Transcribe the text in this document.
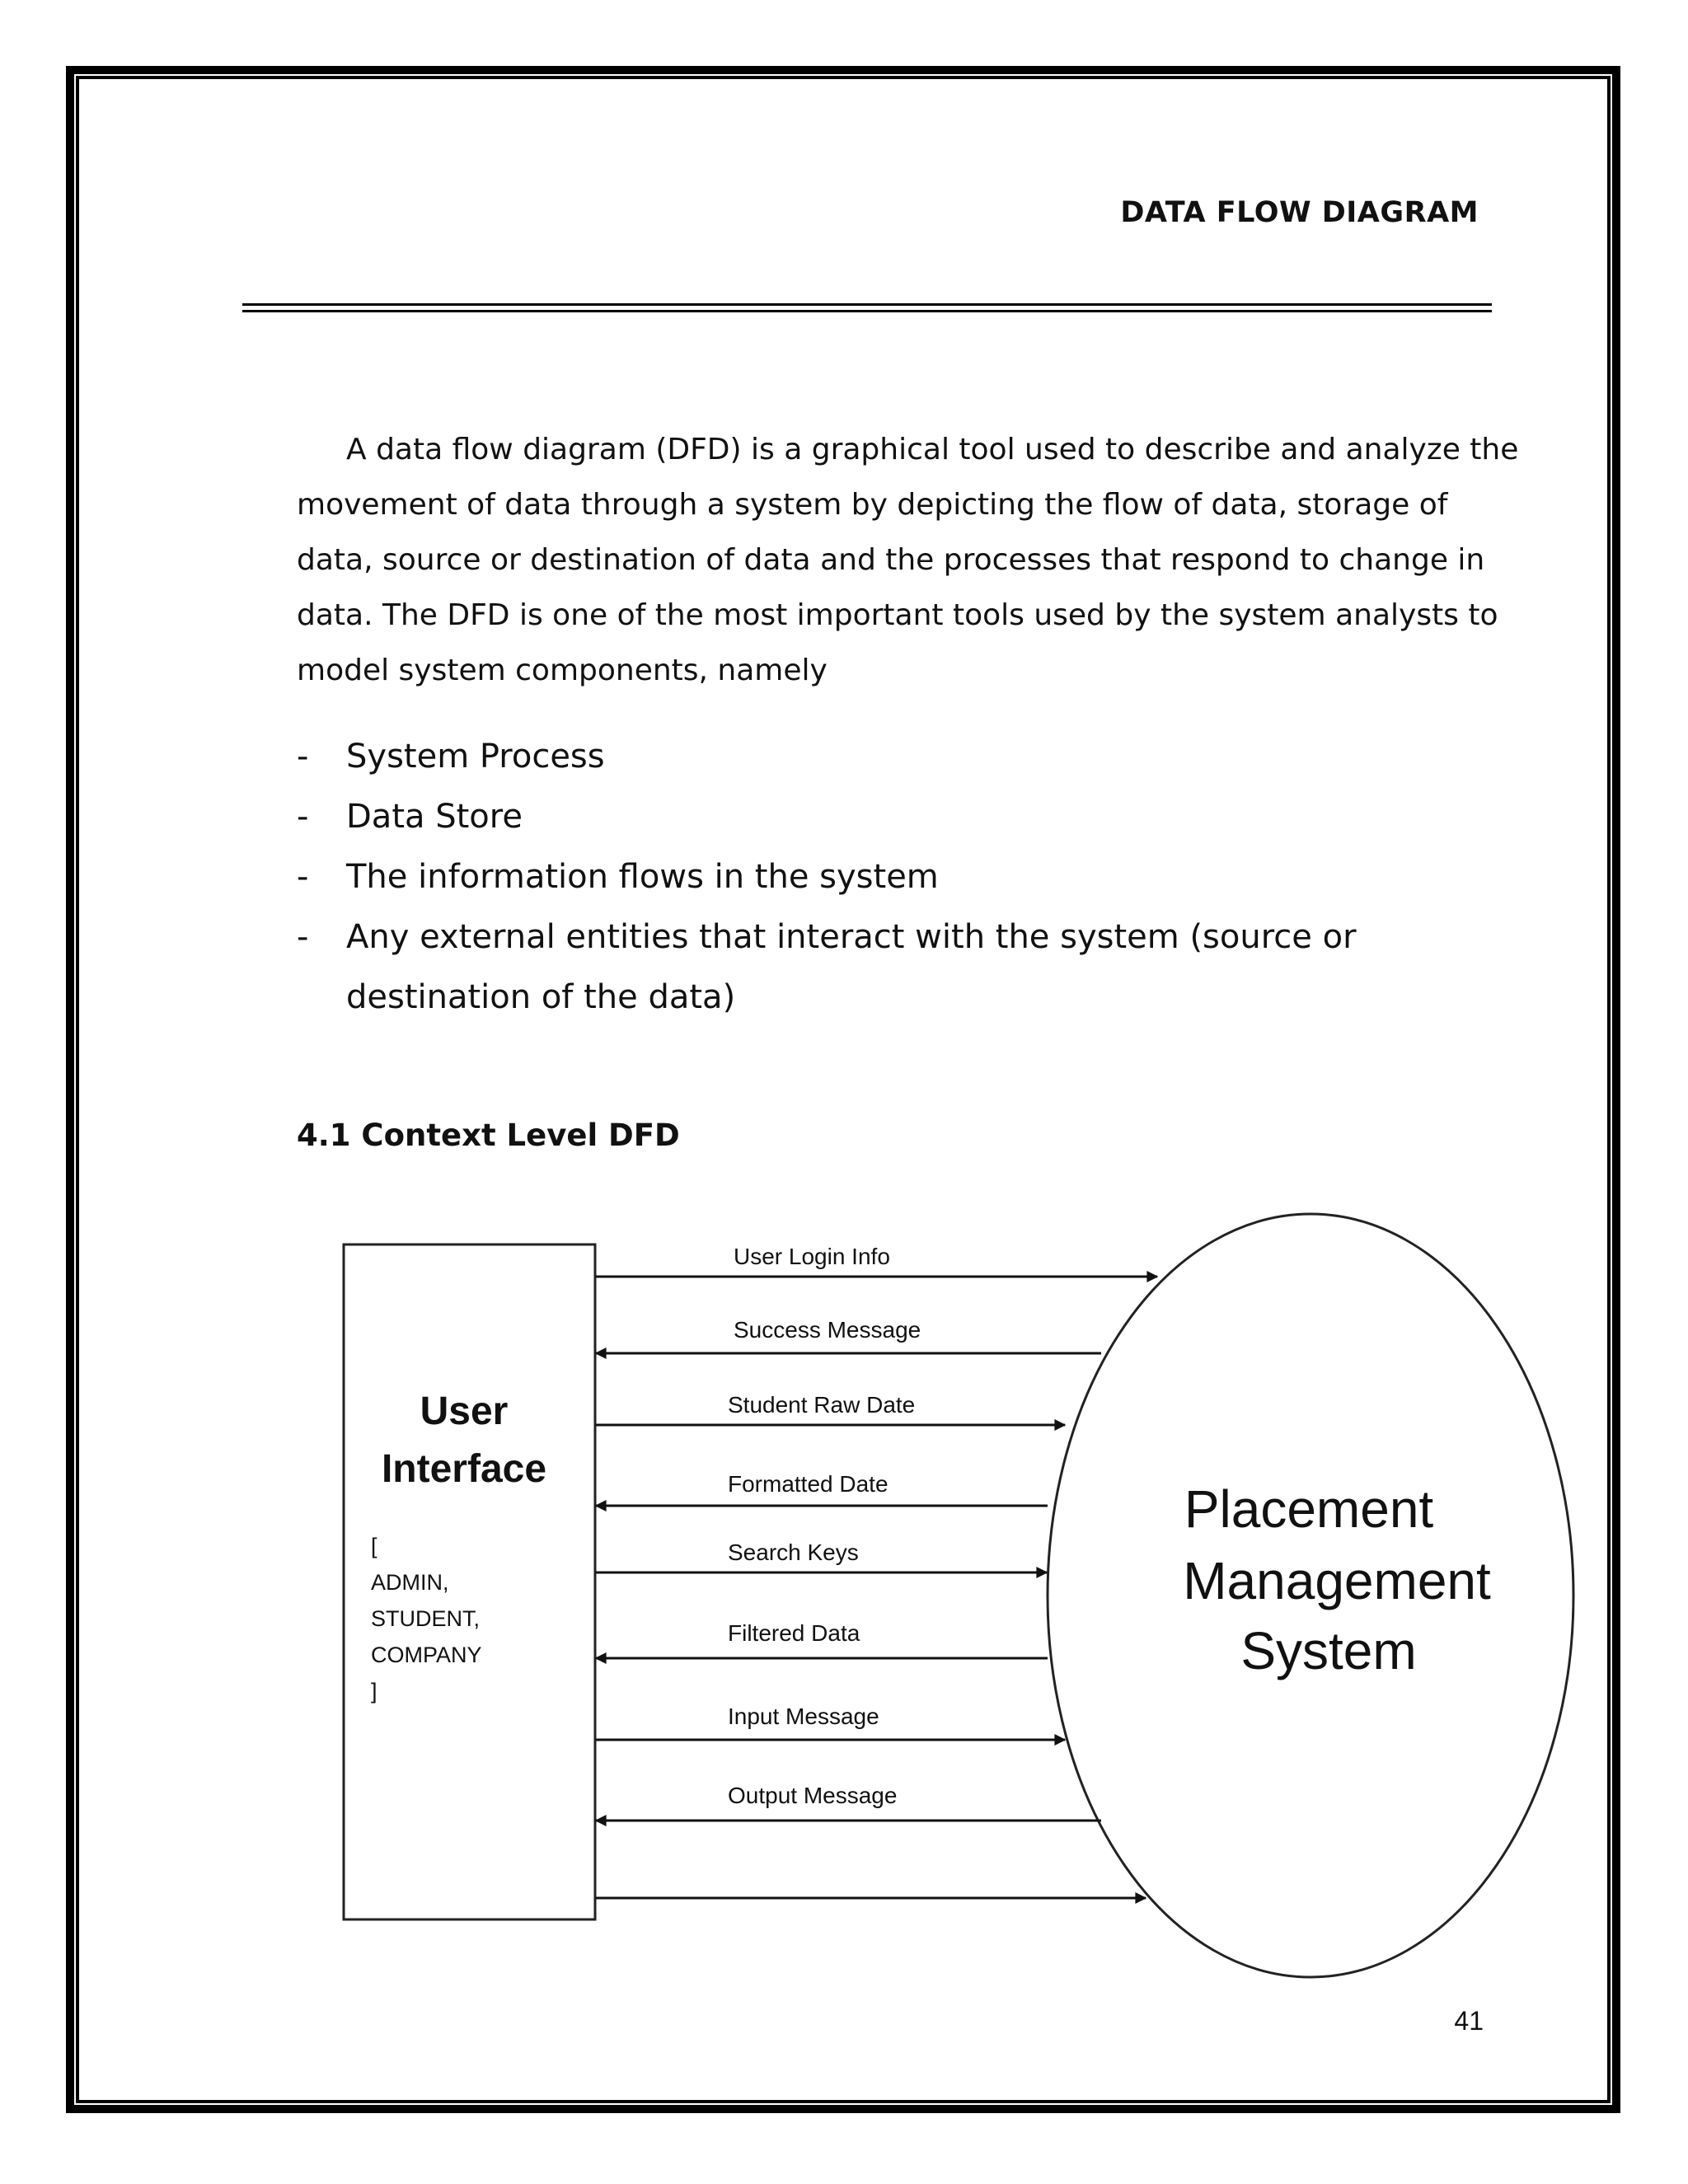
DATA FLOW DIAGRAM

A data flow diagram (DFD) is a graphical tool used to describe and analyze the movement of data through a system by depicting the flow of data, storage of data, source or destination of data and the processes that respond to change in data. The DFD is one of the most important tools used by the system analysts to model system components, namely

- System Process
- Data Store
- The information flows in the system
- Any external entities that interact with the system (source or destination of the data)
4.1 Context Level DFD
User
Interface
[
ADMIN,
STUDENT,
COMPANY
]
Placement
Management
System
User Login Info
Success Message
Student Raw Date
Formatted Date
Search Keys
Filtered Data
Input Message
Output Message
41
